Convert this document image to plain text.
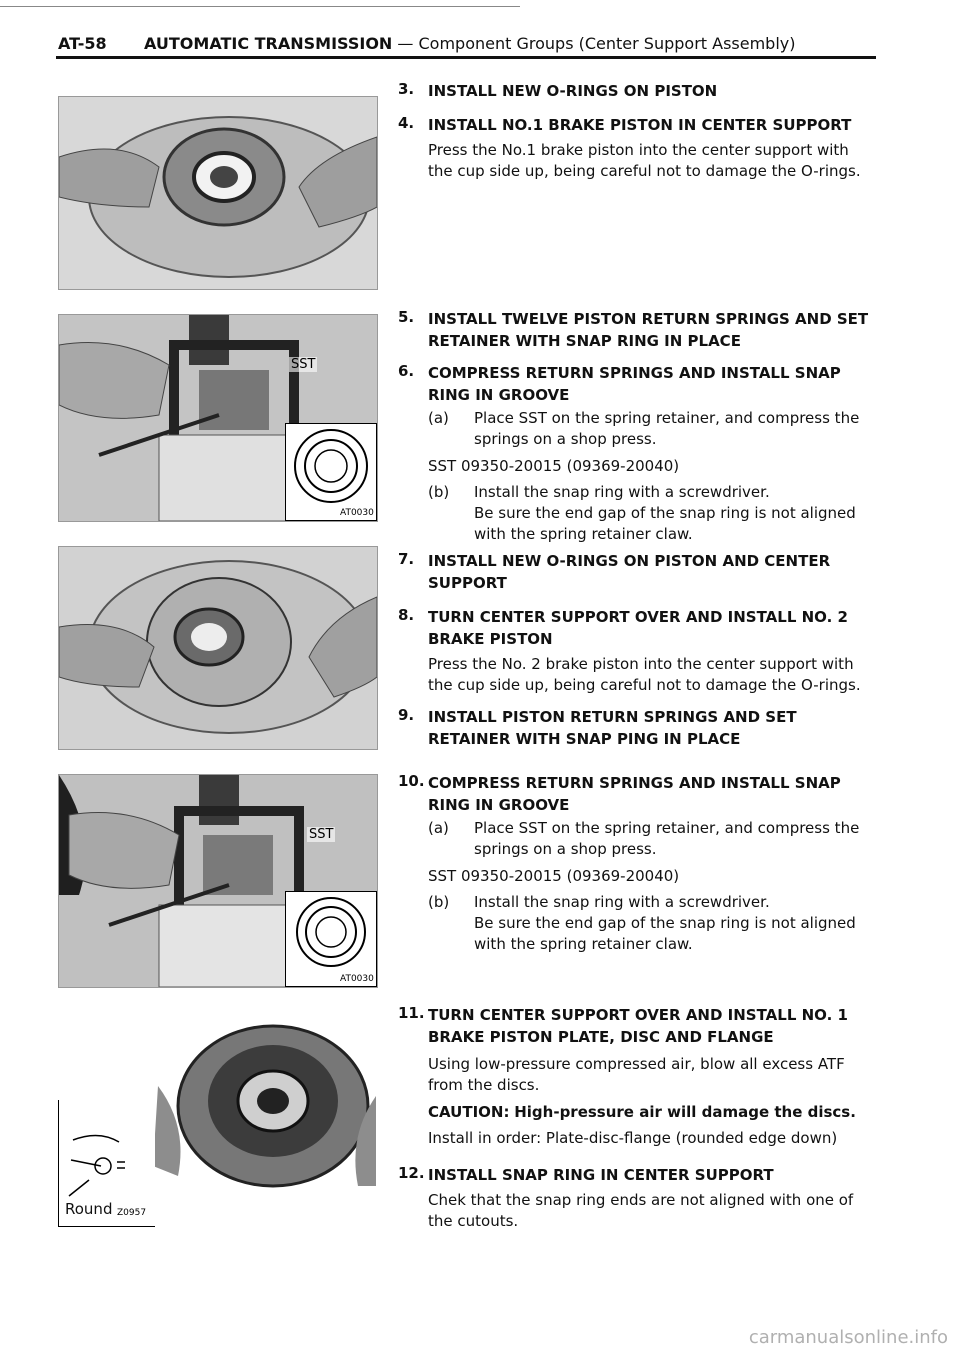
AT-58 AUTOMATIC TRANSMISSION — Component Groups (Center Support Assembly)
SST
AT0030
SST
AT0030
Round Z0957
3. INSTALL NEW O-RINGS ON PISTON
4. INSTALL NO.1 BRAKE PISTON IN CENTER SUPPORT
Press the No.1 brake piston into the center support with the cup side up, being careful not to damage the O-rings.
5. INSTALL TWELVE PISTON RETURN SPRINGS AND SET RETAINER WITH SNAP RING IN PLACE
6. COMPRESS RETURN SPRINGS AND INSTALL SNAP RING IN GROOVE
(a) Place SST on the spring retainer, and compress the springs on a shop press.
SST 09350-20015 (09369-20040)
(b) Install the snap ring with a screwdriver.
Be sure the end gap of the snap ring is not aligned with the spring retainer claw.
7. INSTALL NEW O-RINGS ON PISTON AND CENTER SUPPORT
8. TURN CENTER SUPPORT OVER AND INSTALL NO. 2 BRAKE PISTON
Press the No. 2 brake piston into the center support with the cup side up, being careful not to damage the O-rings.
9. INSTALL PISTON RETURN SPRINGS AND SET RETAINER WITH SNAP PING IN PLACE
10. COMPRESS RETURN SPRINGS AND INSTALL SNAP RING IN GROOVE
(a) Place SST on the spring retainer, and compress the springs on a shop press.
SST 09350-20015 (09369-20040)
(b) Install the snap ring with a screwdriver.
Be sure the end gap of the snap ring is not aligned with the spring retainer claw.
11. TURN CENTER SUPPORT OVER AND INSTALL NO. 1 BRAKE PISTON PLATE, DISC AND FLANGE
Using low-pressure compressed air, blow all excess ATF from the discs.
CAUTION: High-pressure air will damage the discs.
Install in order: Plate-disc-flange (rounded edge down)
12. INSTALL SNAP RING IN CENTER SUPPORT
Chek that the snap ring ends are not aligned with one of the cutouts.
carmanualsonline.info
